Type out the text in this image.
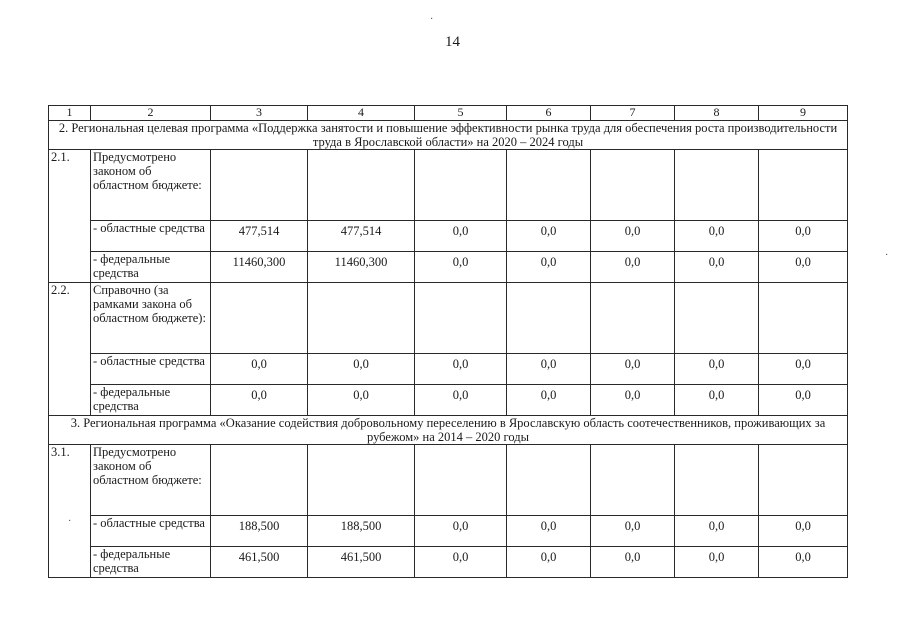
14
1	2	3	4	5	6	7	8	9
2. Региональная целевая программа «Поддержка занятости и повышение эффективности рынка труда для обеспечения роста производительности труда в Ярославской области» на 2020 – 2024 годы								
2.1.	Предусмотрено законом об областном бюджете:							
	- областные средства	477,514	477,514	0,0	0,0	0,0	0,0	0,0
	- федеральные средства	11460,300	11460,300	0,0	0,0	0,0	0,0	0,0
2.2.	Справочно (за рамками закона об областном бюджете):							
	- областные средства	0,0	0,0	0,0	0,0	0,0	0,0	0,0
	- федеральные средства	0,0	0,0	0,0	0,0	0,0	0,0	0,0
3. Региональная программа «Оказание содействия добровольному переселению в Ярославскую область соотечественников, проживающих за рубежом» на 2014 – 2020 годы								
3.1.	Предусмотрено законом об областном бюджете:							
	- областные средства	188,500	188,500	0,0	0,0	0,0	0,0	0,0
	- федеральные средства	461,500	461,500	0,0	0,0	0,0	0,0	0,0
·
·
·
